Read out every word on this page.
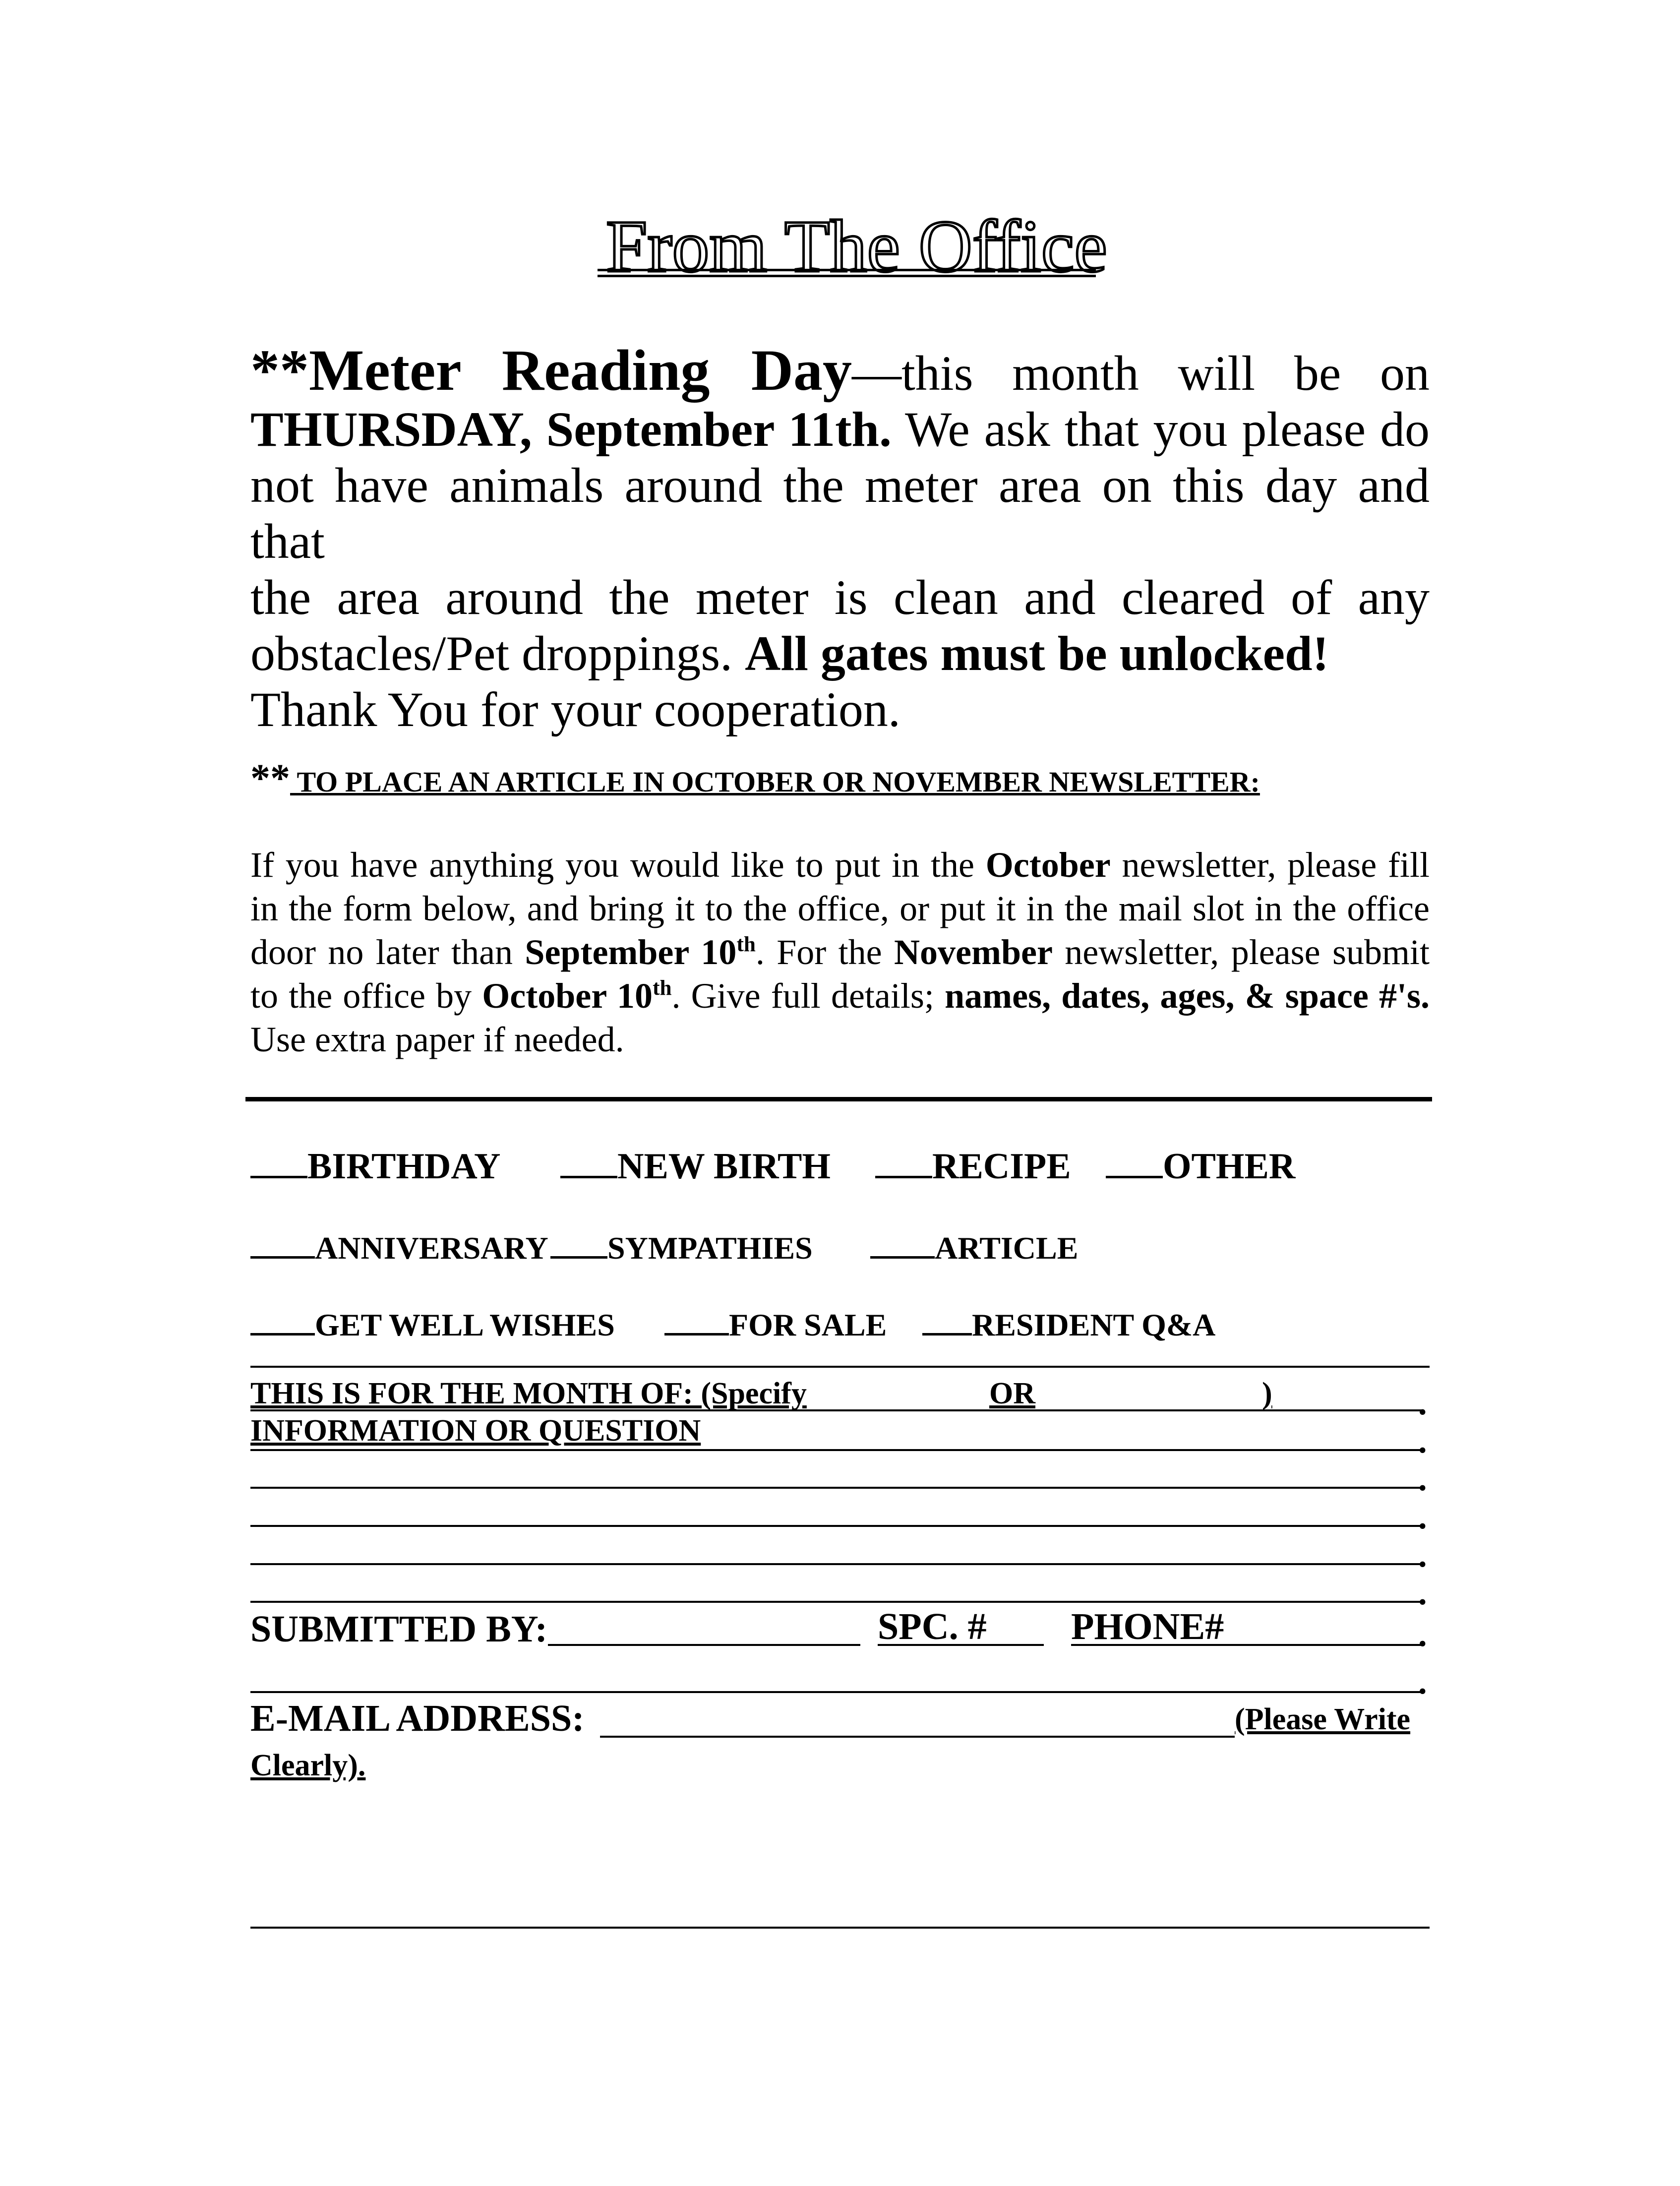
From The Office

**Meter Reading Day—this month will be on

THURSDAY, September 11th. We ask that you please do

not have animals around the meter area on this day and that

the area around the meter is clean and cleared of any

obstacles/Pet droppings. All gates must be unlocked!

Thank You for your cooperation.

** TO PLACE AN ARTICLE IN OCTOBER OR NOVEMBER NEWSLETTER:

If you have anything you would like to put in the October newsletter, please fill in the form below, and bring it to the office, or put it in the mail slot in the office door no later than September 10th. For the November newsletter, please submit to the office by October 10th. Give full details; names, dates, ages, & space #'s. Use extra paper if needed.

BIRTHDAY	NEW BIRTH	RECIPE	OTHER
ANNIVERSARY	SYMPATHIES	ARTICLE
GET WELL WISHES	FOR SALE	RESIDENT Q&A
THIS IS FOR THE MONTH OF: (Specify	OR	)	.
INFORMATION OR QUESTION	.
.
.
.
.
SUBMITTED BY:	SPC. # PHONE#	.
.
E-MAIL ADDRESS:	(Please Write
Clearly).
